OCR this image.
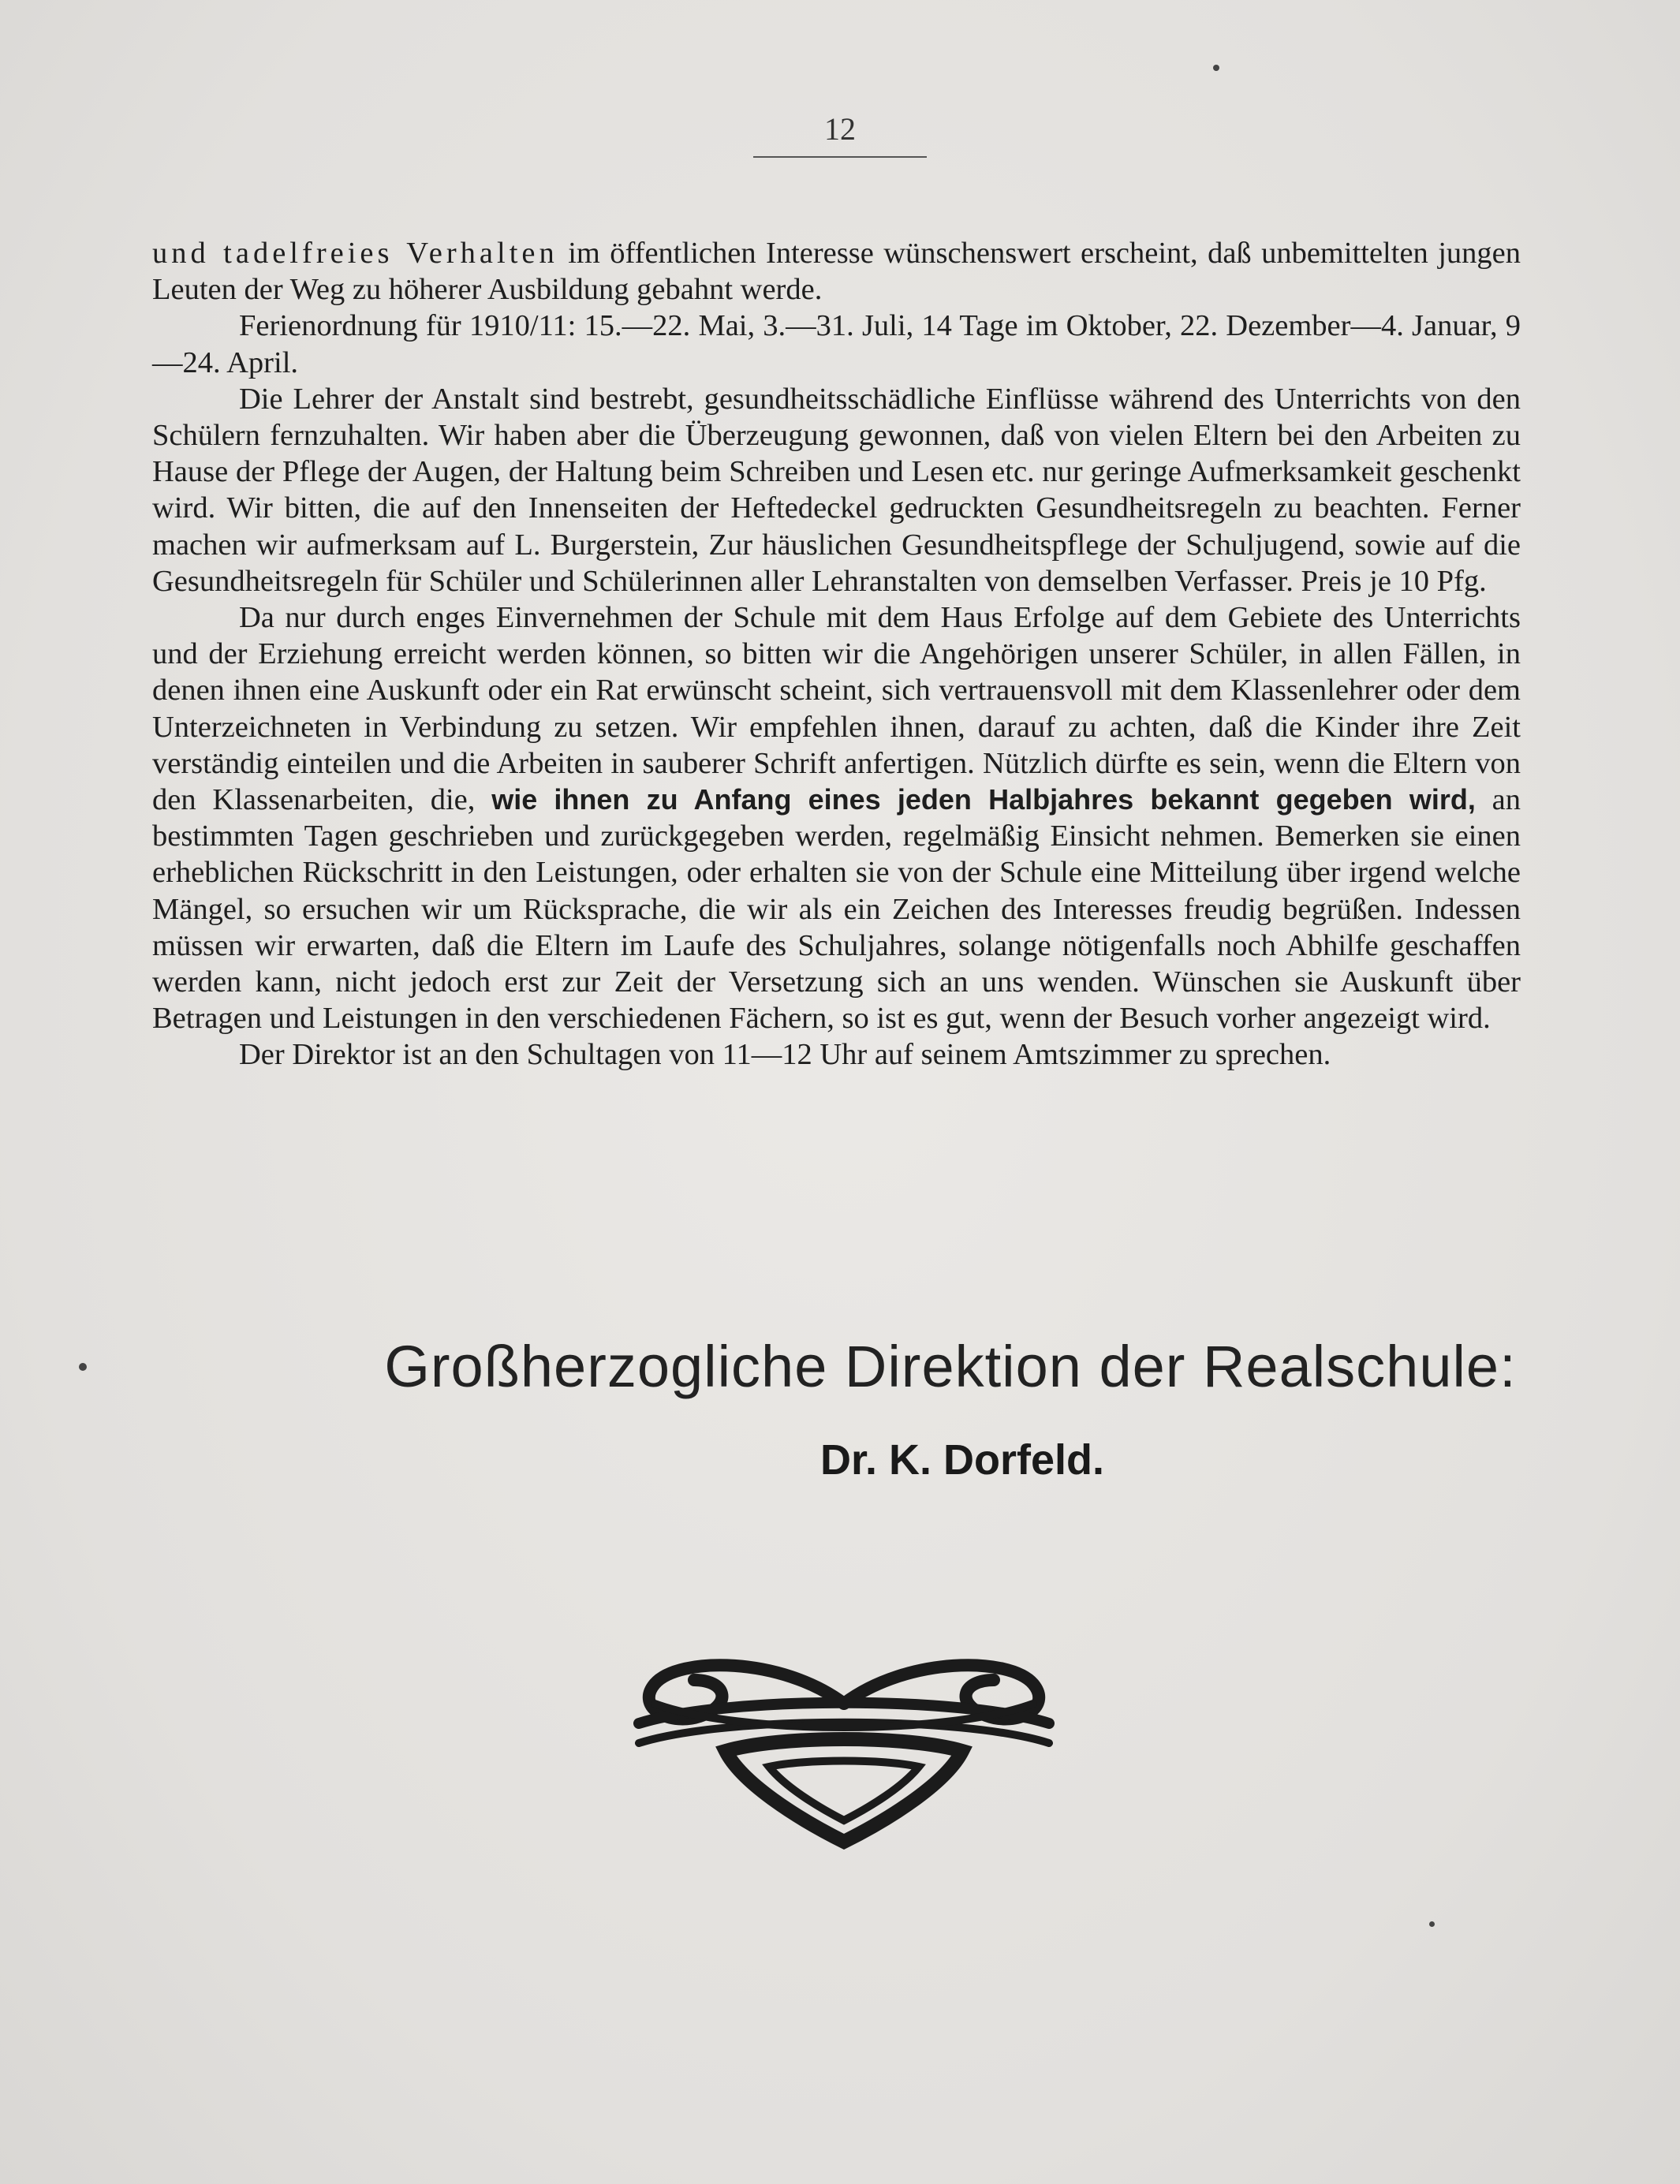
12

und tadelfreies Verhalten im öffentlichen Interesse wünschenswert erscheint, daß unbemittelten jungen Leuten der Weg zu höherer Ausbildung gebahnt werde.

Ferienordnung für 1910/11: 15.—22. Mai, 3.—31. Juli, 14 Tage im Oktober, 22. Dezember—4. Januar, 9—24. April.

Die Lehrer der Anstalt sind bestrebt, gesundheitsschädliche Einflüsse während des Unterrichts von den Schülern fernzuhalten. Wir haben aber die Überzeugung gewonnen, daß von vielen Eltern bei den Arbeiten zu Hause der Pflege der Augen, der Haltung beim Schreiben und Lesen etc. nur geringe Aufmerksamkeit geschenkt wird. Wir bitten, die auf den Innenseiten der Heftedeckel gedruckten Gesundheitsregeln zu beachten. Ferner machen wir aufmerksam auf L. Burgerstein, Zur häuslichen Gesundheitspflege der Schuljugend, sowie auf die Gesundheitsregeln für Schüler und Schülerinnen aller Lehranstalten von demselben Verfasser. Preis je 10 Pfg.

Da nur durch enges Einvernehmen der Schule mit dem Haus Erfolge auf dem Gebiete des Unterrichts und der Erziehung erreicht werden können, so bitten wir die Angehörigen unserer Schüler, in allen Fällen, in denen ihnen eine Auskunft oder ein Rat erwünscht scheint, sich vertrauensvoll mit dem Klassenlehrer oder dem Unterzeichneten in Verbindung zu setzen. Wir empfehlen ihnen, darauf zu achten, daß die Kinder ihre Zeit verständig einteilen und die Arbeiten in sauberer Schrift anfertigen. Nützlich dürfte es sein, wenn die Eltern von den Klassenarbeiten, die, wie ihnen zu Anfang eines jeden Halbjahres bekannt gegeben wird, an bestimmten Tagen geschrieben und zurückgegeben werden, regelmäßig Einsicht nehmen. Bemerken sie einen erheblichen Rückschritt in den Leistungen, oder erhalten sie von der Schule eine Mitteilung über irgend welche Mängel, so ersuchen wir um Rücksprache, die wir als ein Zeichen des Interesses freudig begrüßen. Indessen müssen wir erwarten, daß die Eltern im Laufe des Schuljahres, solange nötigenfalls noch Abhilfe geschaffen werden kann, nicht jedoch erst zur Zeit der Versetzung sich an uns wenden. Wünschen sie Auskunft über Betragen und Leistungen in den verschiedenen Fächern, so ist es gut, wenn der Besuch vorher angezeigt wird.

Der Direktor ist an den Schultagen von 11—12 Uhr auf seinem Amtszimmer zu sprechen.

Großherzogliche Direktion der Realschule:
Dr. K. Dorfeld.
